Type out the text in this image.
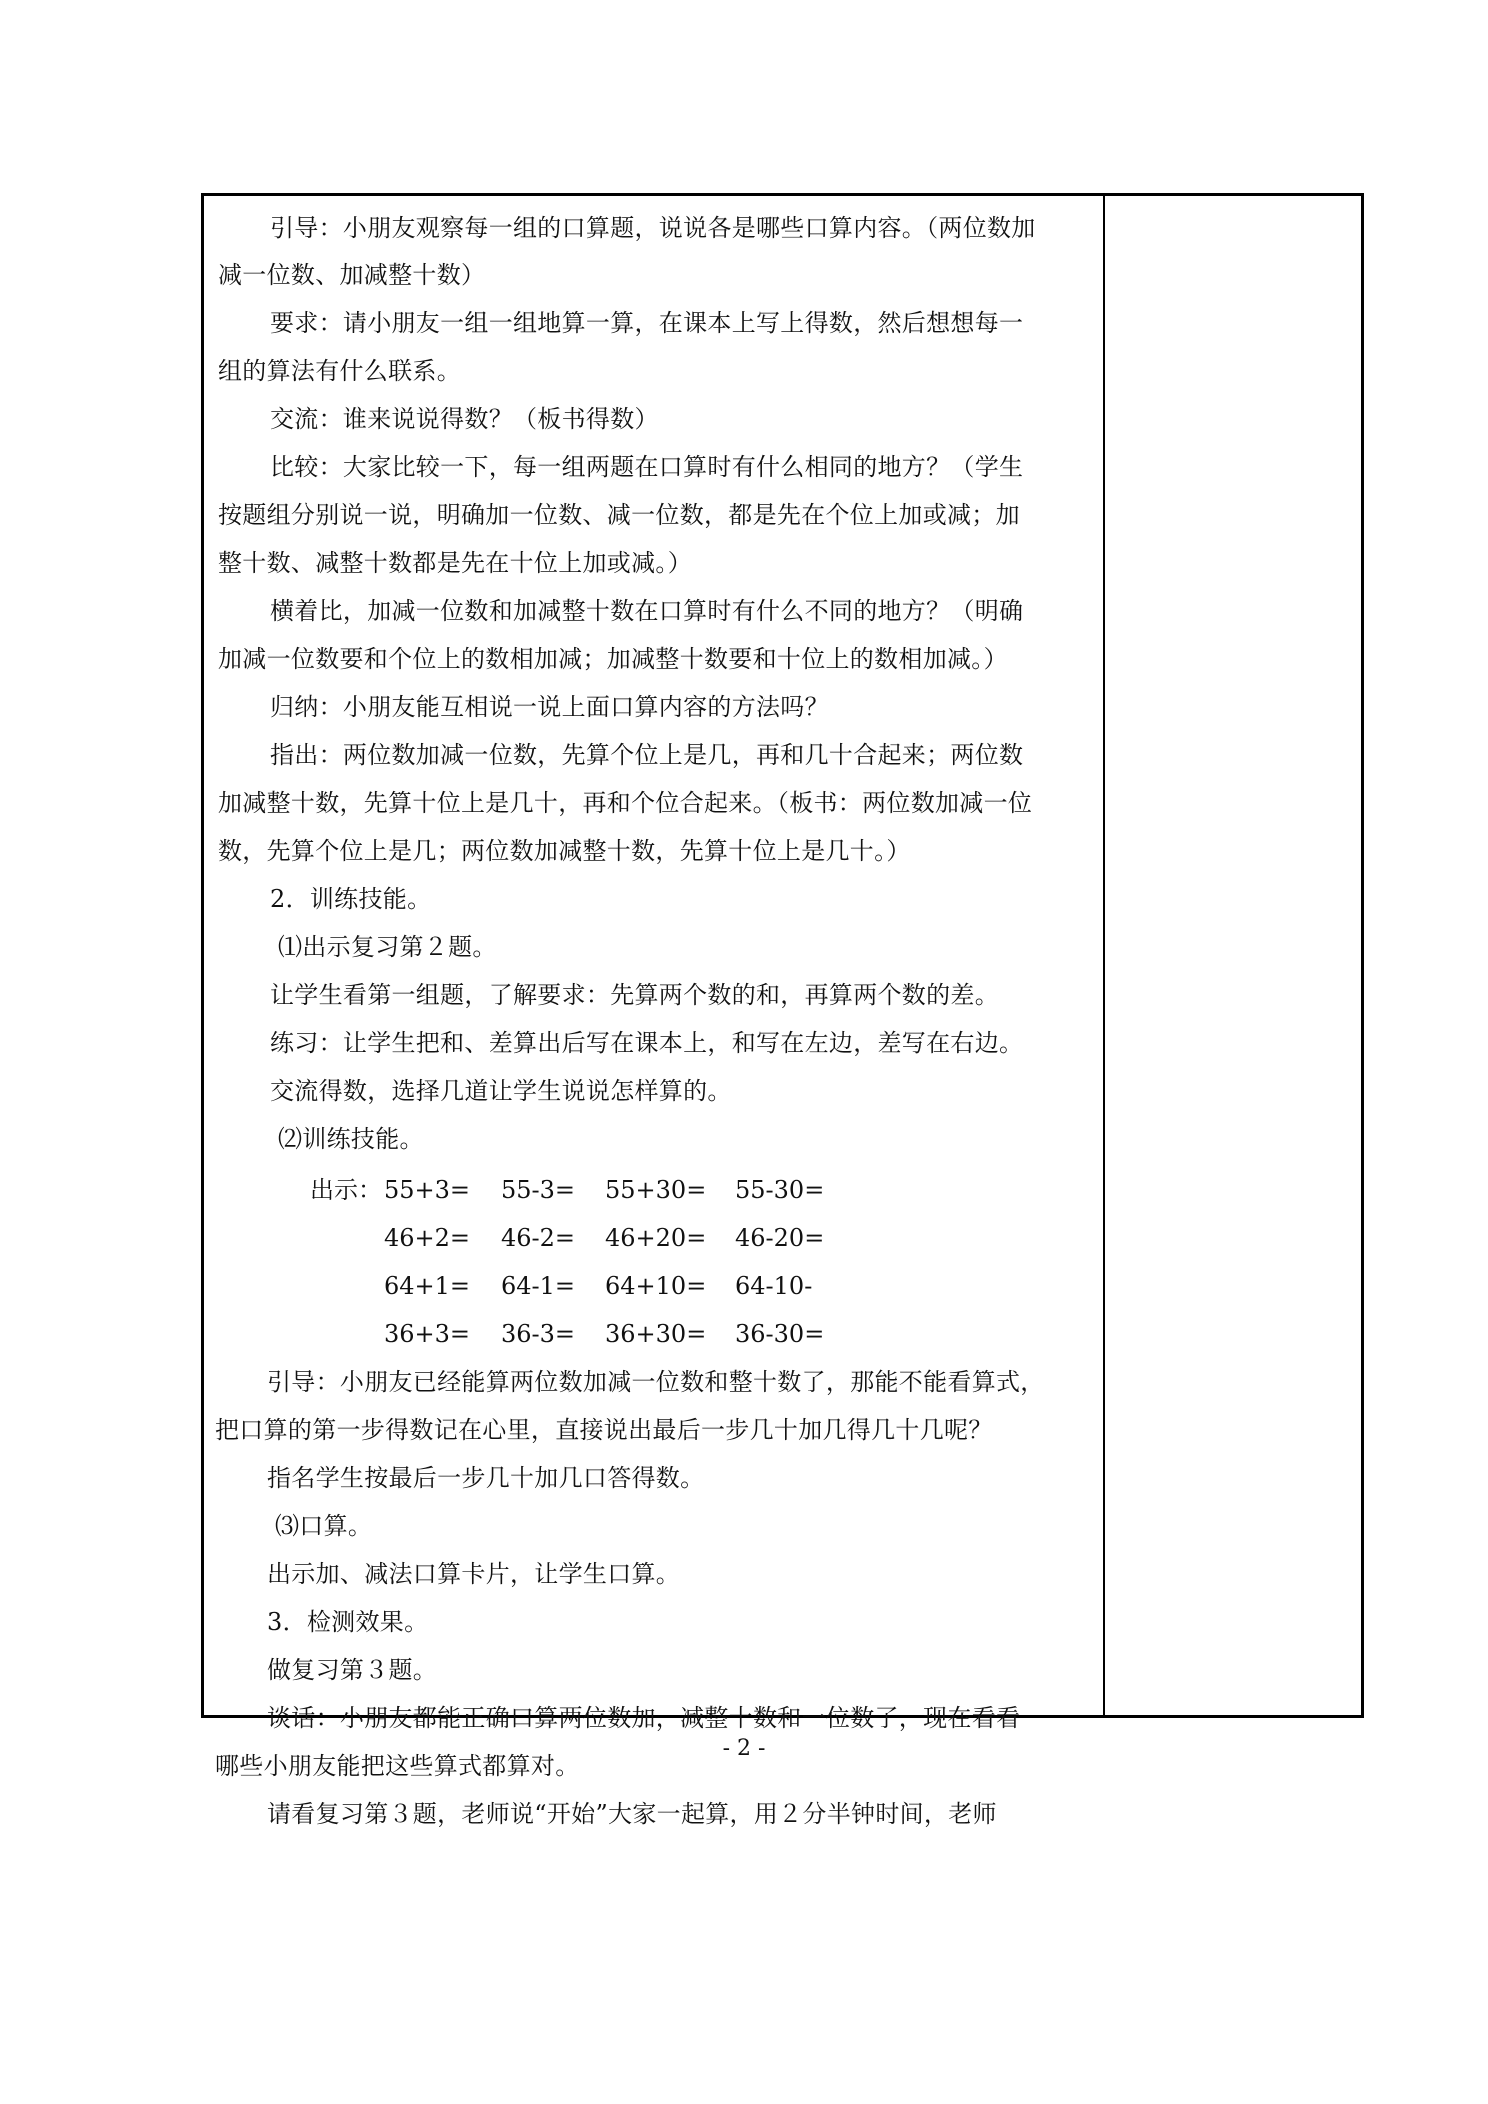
引导：小朋友观察每一组的口算题，说说各是哪些口算内容。（两位数加
减一位数、加减整十数）
要求：请小朋友一组一组地算一算，在课本上写上得数，然后想想每一
组的算法有什么联系。
交流：谁来说说得数？（板书得数）
比较：大家比较一下，每一组两题在口算时有什么相同的地方？（学生
按题组分别说一说，明确加一位数、减一位数，都是先在个位上加或减；加
整十数、减整十数都是先在十位上加或减。）
横着比，加减一位数和加减整十数在口算时有什么不同的地方？（明确
加减一位数要和个位上的数相加减；加减整十数要和十位上的数相加减。）
归纳：小朋友能互相说一说上面口算内容的方法吗？
指出：两位数加减一位数，先算个位上是几，再和几十合起来；两位数
加减整十数，先算十位上是几十，再和个位合起来。（板书：两位数加减一位
数，先算个位上是几；两位数加减整十数，先算十位上是几十。）
2．训练技能。
⑴出示复习第２题。
让学生看第一组题，了解要求：先算两个数的和，再算两个数的差。
练习：让学生把和、差算出后写在课本上，和写在左边，差写在右边。
交流得数，选择几道让学生说说怎样算的。
⑵训练技能。
出示： 55+3= 55-3= 55+30= 55-30=
46+2= 46-2= 46+20= 46-20=
64+1= 64-1= 64+10= 64-10-
36+3= 36-3= 36+30= 36-30=
引导：小朋友已经能算两位数加减一位数和整十数了，那能不能看算式，
把口算的第一步得数记在心里，直接说出最后一步几十加几得几十几呢？
指名学生按最后一步几十加几口答得数。
⑶口算。
出示加、减法口算卡片，让学生口算。
3．检测效果。
做复习第３题。
谈话：小朋友都能正确口算两位数加，减整十数和一位数了，现在看看
哪些小朋友能把这些算式都算对。
请看复习第３题，老师说“开始”大家一起算，用２分半钟时间，老师
- 2 -
